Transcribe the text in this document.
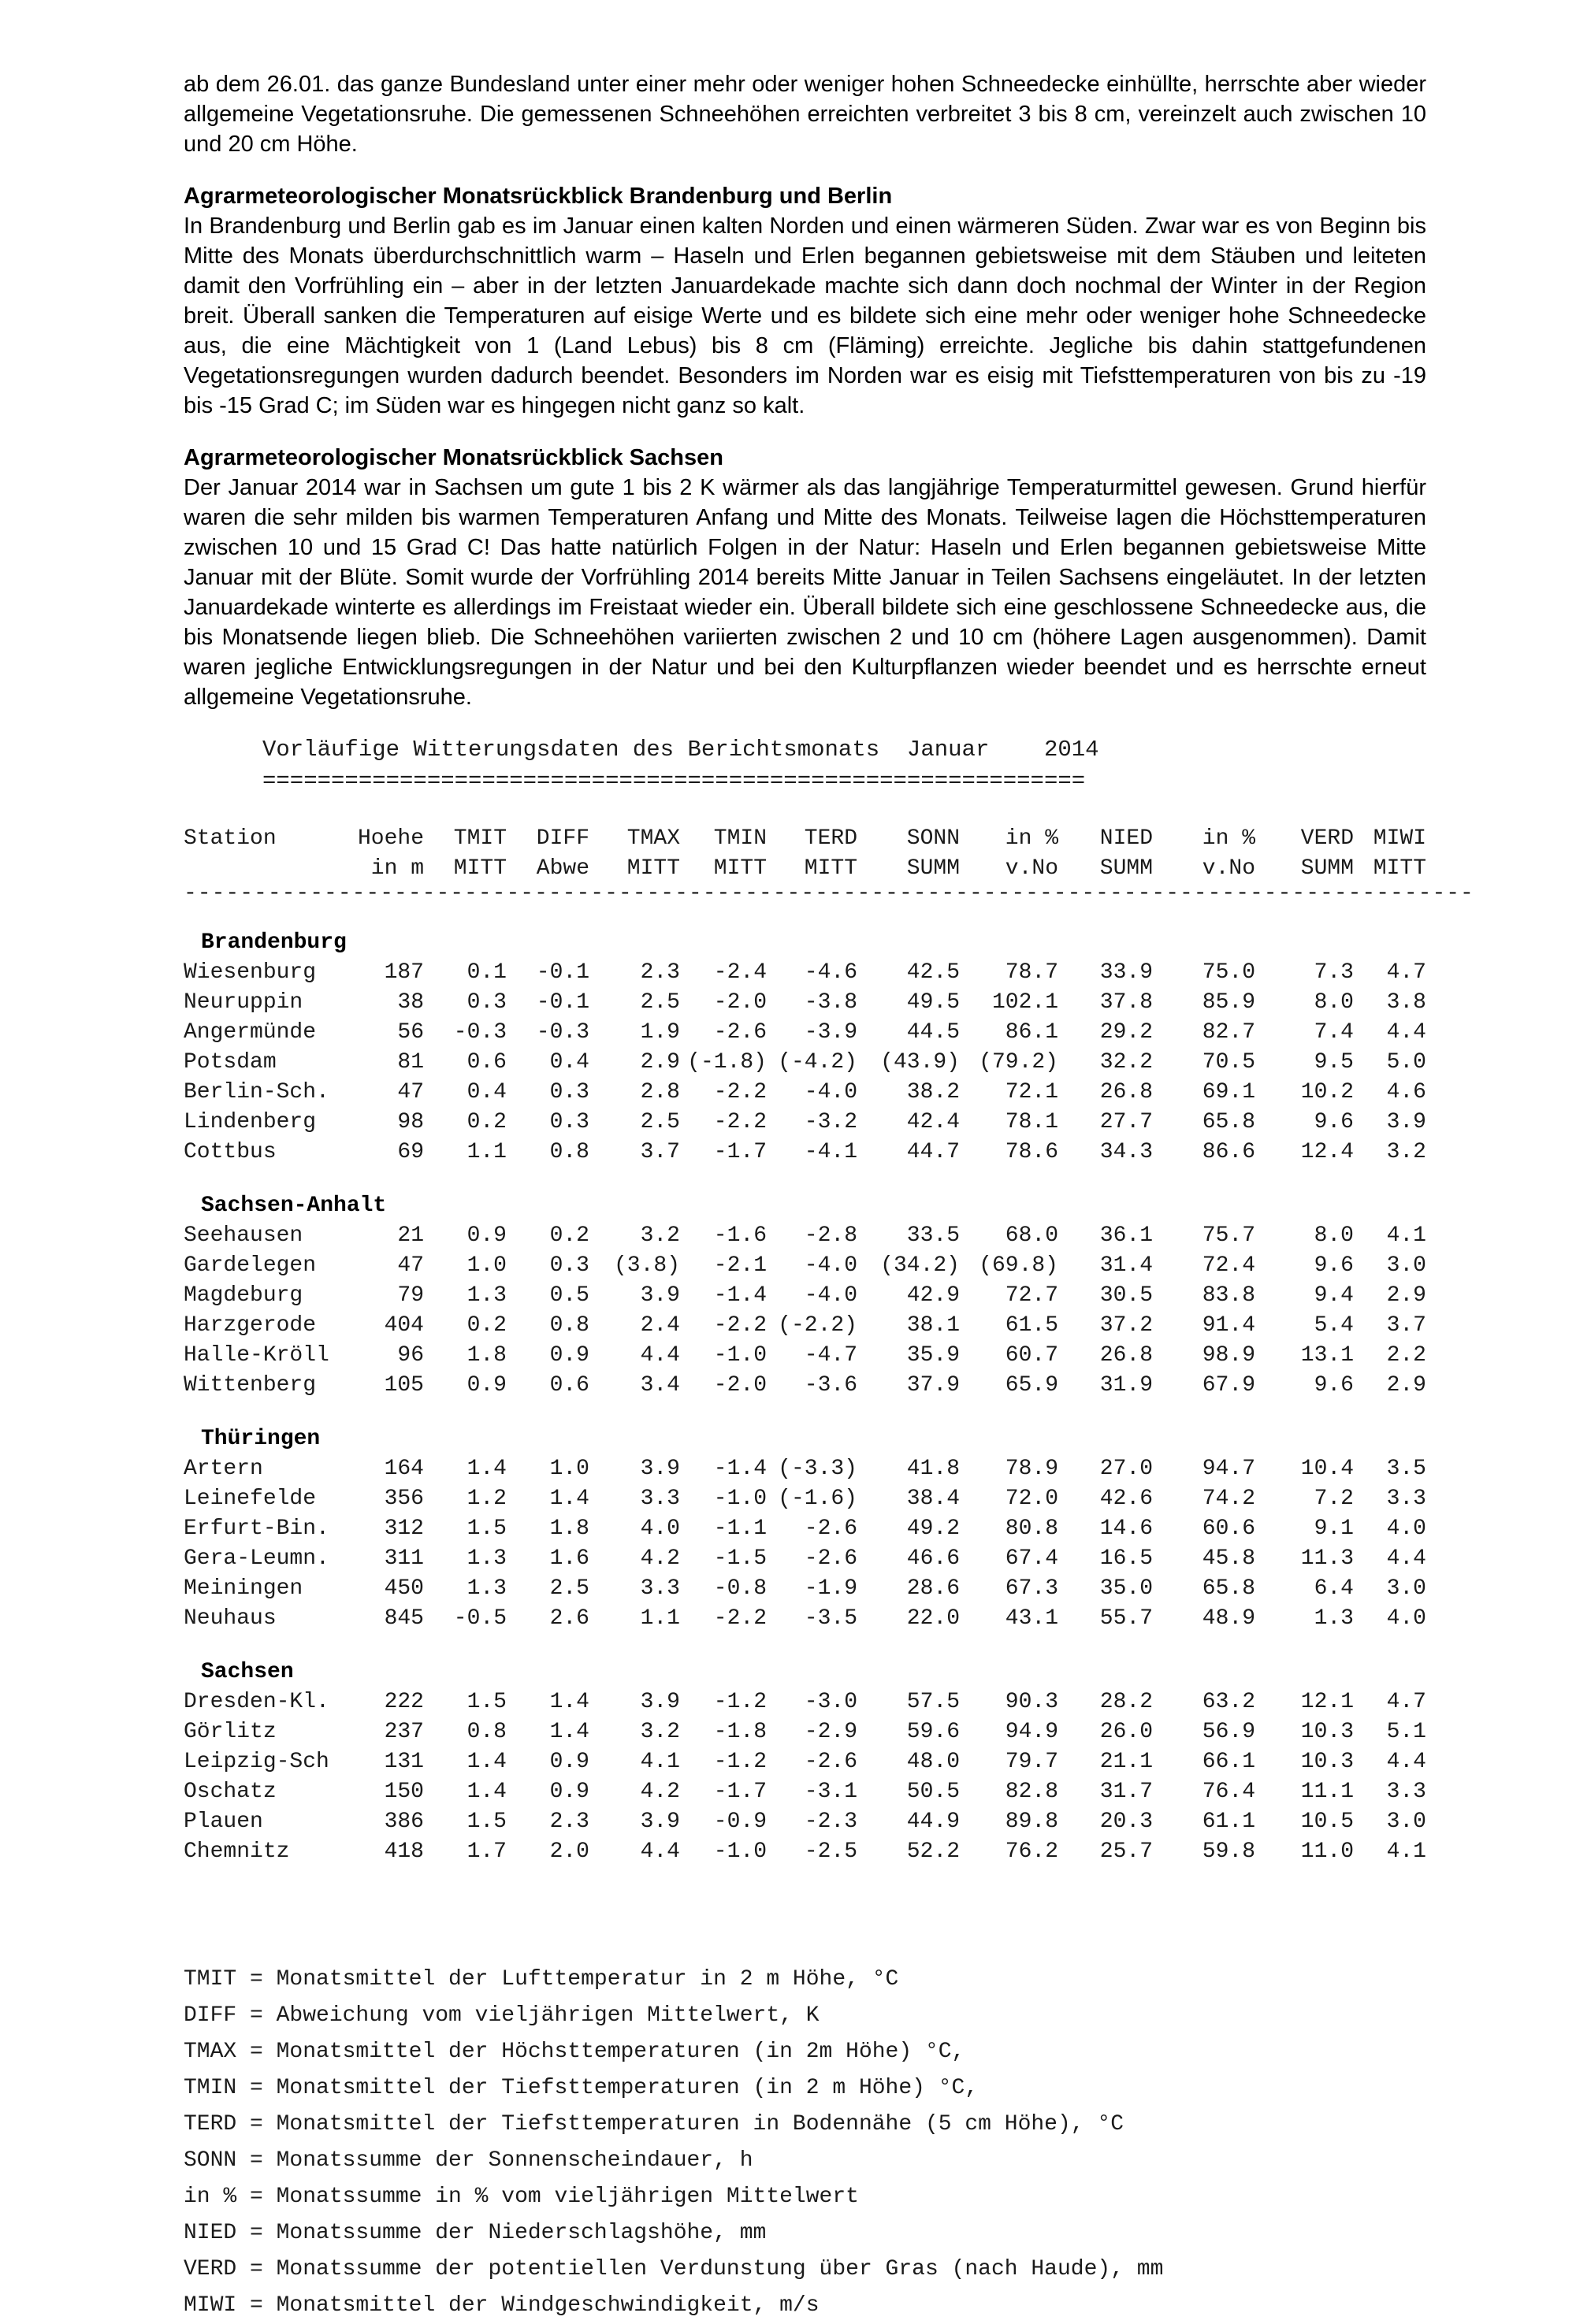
ab dem 26.01. das ganze Bundesland unter einer mehr oder weniger hohen Schneedecke einhüllte, herrschte aber wieder allgemeine Vegetationsruhe. Die gemessenen Schneehöhen erreichten verbreitet 3 bis 8 cm, vereinzelt auch zwischen 10 und 20 cm Höhe.

Agrarmeteorologischer Monatsrückblick Brandenburg und Berlin

In Brandenburg und Berlin gab es im Januar einen kalten Norden und einen wärmeren Süden. Zwar war es von Beginn bis Mitte des Monats überdurchschnittlich warm – Haseln und Erlen begannen gebietsweise mit dem Stäuben und leiteten damit den Vorfrühling ein – aber in der letzten Januardekade machte sich dann doch nochmal der Winter in der Region breit. Überall sanken die Temperaturen auf eisige Werte und es bildete sich eine mehr oder weniger hohe Schneedecke aus, die eine Mächtigkeit von 1 (Land Lebus) bis 8 cm (Fläming) erreichte. Jegliche bis dahin stattgefundenen Vegetationsregungen wurden dadurch beendet. Besonders im Norden war es eisig mit Tiefsttemperaturen von bis zu -19 bis -15 Grad C; im Süden war es hingegen nicht ganz so kalt.

Agrarmeteorologischer Monatsrückblick Sachsen

Der Januar 2014 war in Sachsen um gute 1 bis 2 K wärmer als das langjährige Temperaturmittel gewesen. Grund hierfür waren die sehr milden bis warmen Temperaturen Anfang und Mitte des Monats. Teilweise lagen die Höchsttemperaturen zwischen 10 und 15 Grad C! Das hatte natürlich Folgen in der Natur: Haseln und Erlen begannen gebietsweise Mitte Januar mit der Blüte. Somit wurde der Vorfrühling 2014 bereits Mitte Januar in Teilen Sachsens eingeläutet. In der letzten Januardekade winterte es allerdings im Freistaat wieder ein. Überall bildete sich eine geschlossene Schneedecke aus, die bis Monatsende liegen blieb. Die Schneehöhen variierten zwischen 2 und 10 cm (höhere Lagen ausgenommen). Damit waren jegliche Entwicklungsregungen in der Natur und bei den Kulturpflanzen wieder beendet und es herrschte erneut allgemeine Vegetationsruhe.

Vorläufige Witterungsdaten des Berichtsmonats  Januar    2014
============================================================
Station	Hoehe	TMIT	DIFF	TMAX	TMIN	TERD	SONN	in %	NIED	in %	VERD	MIWI
	in m	MITT	Abwe	MITT	MITT	MITT	SUMM	v.No	SUMM	v.No	SUMM	MITT
--------------------------------------------------------------------------------------------												

Brandenburg												
Wiesenburg	187	0.1	-0.1	2.3	-2.4	-4.6	42.5	78.7	33.9	75.0	7.3	4.7
Neuruppin	38	0.3	-0.1	2.5	-2.0	-3.8	49.5	102.1	37.8	85.9	8.0	3.8
Angermünde	56	-0.3	-0.3	1.9	-2.6	-3.9	44.5	86.1	29.2	82.7	7.4	4.4
Potsdam	81	0.6	0.4	2.9	(-1.8)	(-4.2)	(43.9)	(79.2)	32.2	70.5	9.5	5.0
Berlin-Sch.	47	0.4	0.3	2.8	-2.2	-4.0	38.2	72.1	26.8	69.1	10.2	4.6
Lindenberg	98	0.2	0.3	2.5	-2.2	-3.2	42.4	78.1	27.7	65.8	9.6	3.9
Cottbus	69	1.1	0.8	3.7	-1.7	-4.1	44.7	78.6	34.3	86.6	12.4	3.2

Sachsen-Anhalt												
Seehausen	21	0.9	0.2	3.2	-1.6	-2.8	33.5	68.0	36.1	75.7	8.0	4.1
Gardelegen	47	1.0	0.3	(3.8)	-2.1	-4.0	(34.2)	(69.8)	31.4	72.4	9.6	3.0
Magdeburg	79	1.3	0.5	3.9	-1.4	-4.0	42.9	72.7	30.5	83.8	9.4	2.9
Harzgerode	404	0.2	0.8	2.4	-2.2	(-2.2)	38.1	61.5	37.2	91.4	5.4	3.7
Halle-Kröll	96	1.8	0.9	4.4	-1.0	-4.7	35.9	60.7	26.8	98.9	13.1	2.2
Wittenberg	105	0.9	0.6	3.4	-2.0	-3.6	37.9	65.9	31.9	67.9	9.6	2.9

Thüringen												
Artern	164	1.4	1.0	3.9	-1.4	(-3.3)	41.8	78.9	27.0	94.7	10.4	3.5
Leinefelde	356	1.2	1.4	3.3	-1.0	(-1.6)	38.4	72.0	42.6	74.2	7.2	3.3
Erfurt-Bin.	312	1.5	1.8	4.0	-1.1	-2.6	49.2	80.8	14.6	60.6	9.1	4.0
Gera-Leumn.	311	1.3	1.6	4.2	-1.5	-2.6	46.6	67.4	16.5	45.8	11.3	4.4
Meiningen	450	1.3	2.5	3.3	-0.8	-1.9	28.6	67.3	35.0	65.8	6.4	3.0
Neuhaus	845	-0.5	2.6	1.1	-2.2	-3.5	22.0	43.1	55.7	48.9	1.3	4.0

Sachsen												
Dresden-Kl.	222	1.5	1.4	3.9	-1.2	-3.0	57.5	90.3	28.2	63.2	12.1	4.7
Görlitz	237	0.8	1.4	3.2	-1.8	-2.9	59.6	94.9	26.0	56.9	10.3	5.1
Leipzig-Sch	131	1.4	0.9	4.1	-1.2	-2.6	48.0	79.7	21.1	66.1	10.3	4.4
Oschatz	150	1.4	0.9	4.2	-1.7	-3.1	50.5	82.8	31.7	76.4	11.1	3.3
Plauen	386	1.5	2.3	3.9	-0.9	-2.3	44.9	89.8	20.3	61.1	10.5	3.0
Chemnitz	418	1.7	2.0	4.4	-1.0	-2.5	52.2	76.2	25.7	59.8	11.0	4.1
TMIT = Monatsmittel der Lufttemperatur in 2 m Höhe, °C
DIFF = Abweichung vom vieljährigen Mittelwert, K
TMAX = Monatsmittel der Höchsttemperaturen (in 2m Höhe) °C,
TMIN = Monatsmittel der Tiefsttemperaturen (in 2 m Höhe) °C,
TERD = Monatsmittel der Tiefsttemperaturen in Bodennähe (5 cm Höhe), °C
SONN = Monatssumme der Sonnenscheindauer, h
in % = Monatssumme in % vom vieljährigen Mittelwert
NIED = Monatssumme der Niederschlagshöhe, mm
VERD = Monatssumme der potentiellen Verdunstung über Gras (nach Haude), mm
MIWI = Monatsmittel der Windgeschwindigkeit, m/s
